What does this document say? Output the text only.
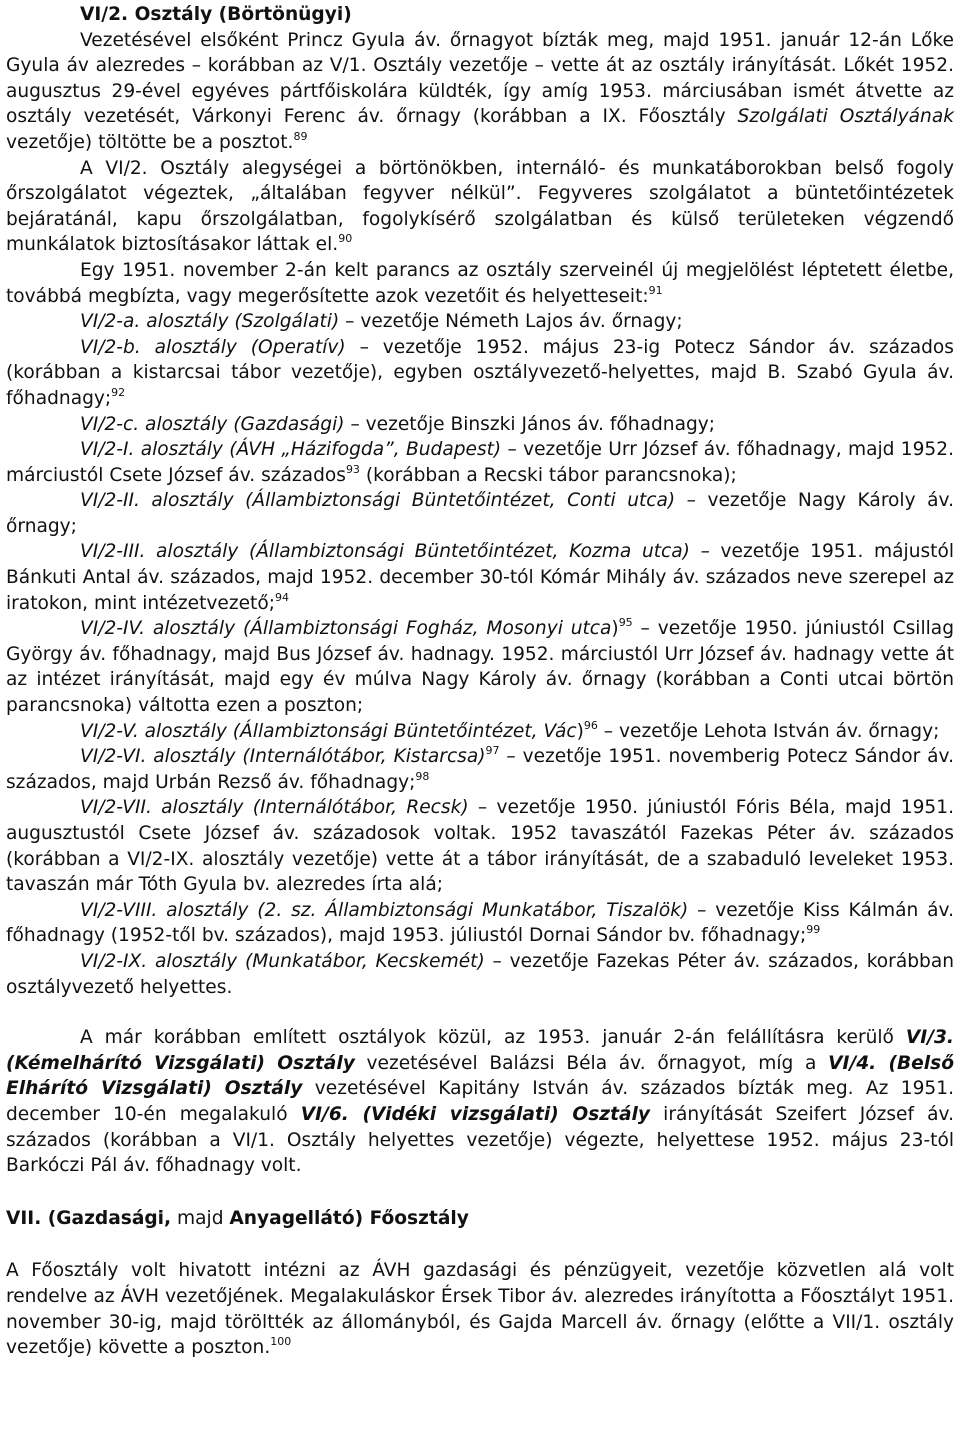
VI/2. Osztály (Börtönügyi)

Vezetésével elsőként Princz Gyula áv. őrnagyot bízták meg, majd 1951. január 12-án Lőke Gyula áv alezredes – korábban az V/1. Osztály vezetője – vette át az osztály irányítását. Lőkét 1952. augusztus 29-ével egyéves pártfőiskolára küldték, így amíg 1953. márciusában ismét átvette az osztály vezetését, Várkonyi Ferenc áv. őrnagy (korábban a IX. Főosztály Szolgálati Osztályának vezetője) töltötte be a posztot.$^{89}$

A VI/2. Osztály alegységei a börtönökben, internáló- és munkatáborokban belső fogoly őrszolgálatot végeztek, „általában fegyver nélkül”. Fegyveres szolgálatot a büntetőintézetek bejáratánál, kapu őrszolgálatban, fogolykísérő szolgálatban és külső területeken végzendő munkálatok biztosításakor láttak el.$^{90}$

Egy 1951. november 2-án kelt parancs az osztály szerveinél új megjelölést léptetett életbe, továbbá megbízta, vagy megerősítette azok vezetőit és helyetteseit:$^{91}$

VI/2-a. alosztály (Szolgálati) – vezetője Németh Lajos áv. őrnagy;

VI/2-b. alosztály (Operatív) – vezetője 1952. május 23-ig Potecz Sándor áv. százados (korábban a kistarcsai tábor vezetője), egyben osztályvezető-helyettes, majd B. Szabó Gyula áv. főhadnagy;$^{92}$

VI/2-c. alosztály (Gazdasági) – vezetője Binszki János áv. főhadnagy;

VI/2-I. alosztály (ÁVH „Házifogda”, Budapest) – vezetője Urr József áv. főhadnagy, majd 1952. márciustól Csete József áv. százados$^{93}$ (korábban a Recski tábor parancsnoka);

VI/2-II. alosztály (Állambiztonsági Büntetőintézet, Conti utca) – vezetője Nagy Károly áv. őrnagy;

VI/2-III. alosztály (Állambiztonsági Büntetőintézet, Kozma utca) – vezetője 1951. májustól Bánkuti Antal áv. százados, majd 1952. december 30-tól Kómár Mihály áv. százados neve szerepel az iratokon, mint intézetvezető;$^{94}$

VI/2-IV. alosztály (Állambiztonsági Fogház, Mosonyi utca)$^{95}$ – vezetője 1950. júniustól Csillag György áv. főhadnagy, majd Bus József áv. hadnagy. 1952. márciustól Urr József áv. hadnagy vette át az intézet irányítását, majd egy év múlva Nagy Károly áv. őrnagy (korábban a Conti utcai börtön parancsnoka) váltotta ezen a poszton;

VI/2-V. alosztály (Állambiztonsági Büntetőintézet, Vác)$^{96}$ – vezetője Lehota István áv. őrnagy;

VI/2-VI. alosztály (Internálótábor, Kistarcsa)$^{97}$ – vezetője 1951. novemberig Potecz Sándor áv. százados, majd Urbán Rezső áv. főhadnagy;$^{98}$

VI/2-VII. alosztály (Internálótábor, Recsk) – vezetője 1950. júniustól Fóris Béla, majd 1951. augusztustól Csete József áv. századosok voltak. 1952 tavaszától Fazekas Péter áv. százados (korábban a VI/2-IX. alosztály vezetője) vette át a tábor irányítását, de a szabaduló leveleket 1953. tavaszán már Tóth Gyula bv. alezredes írta alá;

VI/2-VIII. alosztály (2. sz. Állambiztonsági Munkatábor, Tiszalök) – vezetője Kiss Kálmán áv. főhadnagy (1952-től bv. százados), majd 1953. júliustól Dornai Sándor bv. főhadnagy;$^{99}$

VI/2-IX. alosztály (Munkatábor, Kecskemét) – vezetője Fazekas Péter áv. százados, korábban osztályvezető helyettes.

A már korábban említett osztályok közül, az 1953. január 2-án felállításra kerülő VI/3. (Kémelhárító Vizsgálati) Osztály vezetésével Balázsi Béla áv. őrnagyot, míg a VI/4. (Belső Elhárító Vizsgálati) Osztály vezetésével Kapitány István áv. százados bízták meg. Az 1951. december 10-én megalakuló VI/6. (Vidéki vizsgálati) Osztály irányítását Szeifert József áv. százados (korábban a VI/1. Osztály helyettes vezetője) végezte, helyettese 1952. május 23-tól Barkóczi Pál áv. főhadnagy volt.

VII. (Gazdasági, majd Anyagellátó) Főosztály

A Főosztály volt hivatott intézni az ÁVH gazdasági és pénzügyeit, vezetője közvetlen alá volt rendelve az ÁVH vezetőjének. Megalakuláskor Érsek Tibor áv. alezredes irányította a Főosztályt 1951. november 30-ig, majd töröltték az állományból, és Gajda Marcell áv. őrnagy (előtte a VII/1. osztály vezetője) követte a poszton.$^{100}$
